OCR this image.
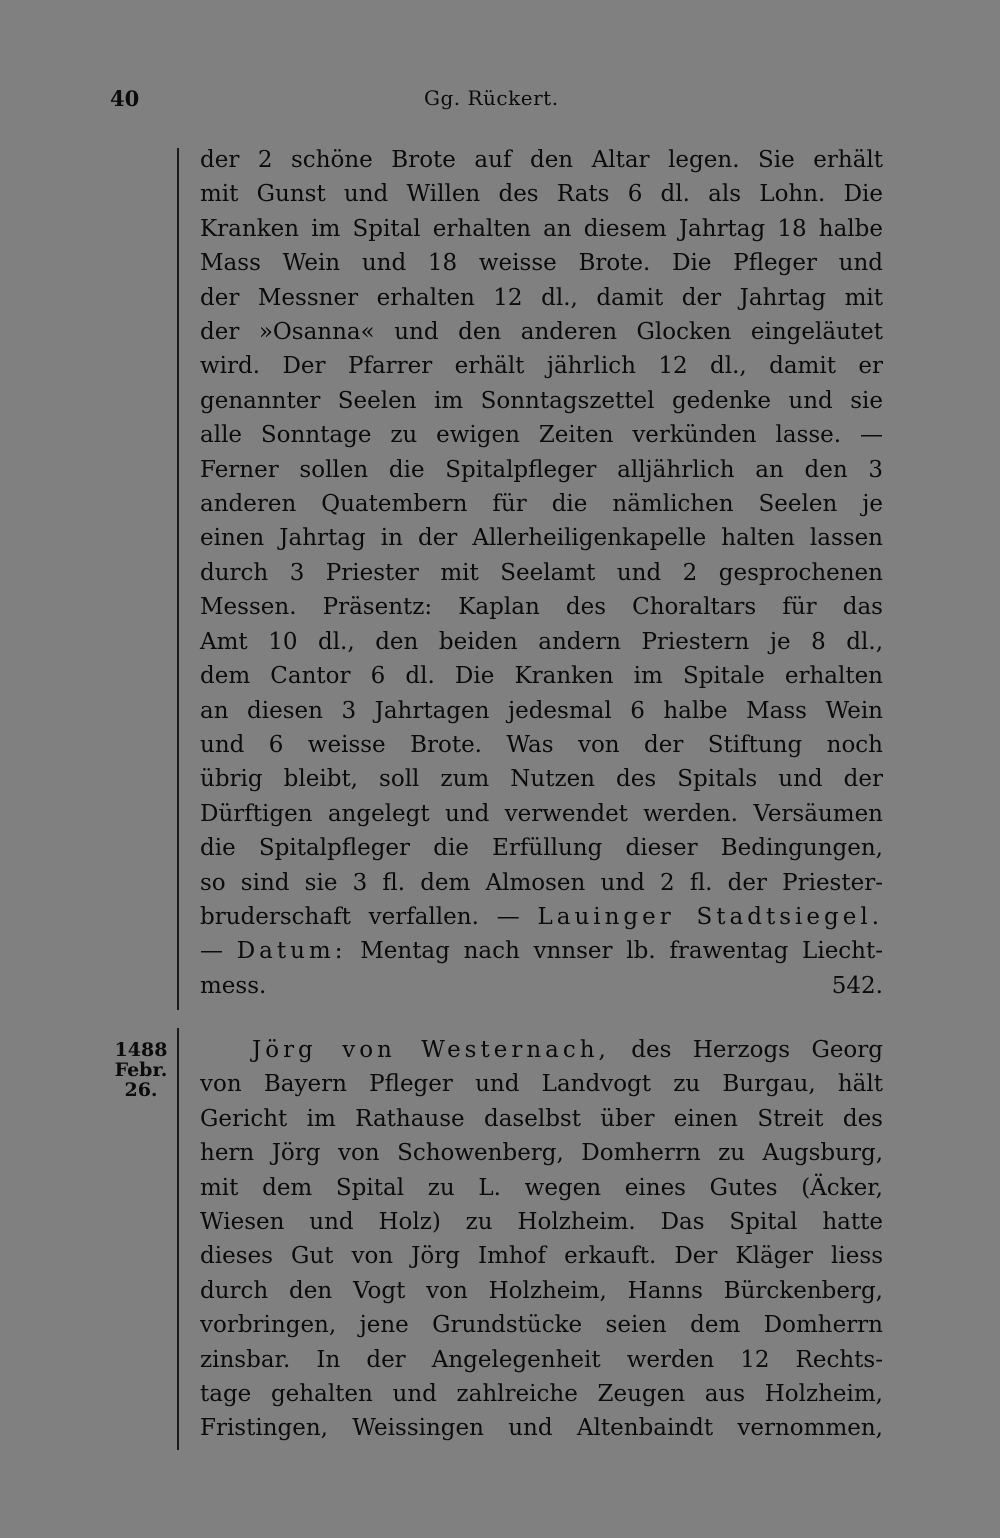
40	Gg. Rückert.
1488
Febr.
26.
der 2 schöne Brote auf den Altar legen. Sie erhält
mit Gunst und Willen des Rats 6 dl. als Lohn. Die
Kranken im Spital erhalten an diesem Jahrtag 18 halbe
Mass Wein und 18 weisse Brote. Die Pfleger und
der Messner erhalten 12 dl., damit der Jahrtag mit
der »Osanna« und den anderen Glocken eingeläutet
wird. Der Pfarrer erhält jährlich 12 dl., damit er
genannter Seelen im Sonntagszettel gedenke und sie
alle Sonntage zu ewigen Zeiten verkünden lasse. —
Ferner sollen die Spitalpfleger alljährlich an den 3
anderen Quatembern für die nämlichen Seelen je
einen Jahrtag in der Allerheiligenkapelle halten lassen
durch 3 Priester mit Seelamt und 2 gesprochenen
Messen. Präsentz: Kaplan des Choraltars für das
Amt 10 dl., den beiden andern Priestern je 8 dl.,
dem Cantor 6 dl. Die Kranken im Spitale erhalten
an diesen 3 Jahrtagen jedesmal 6 halbe Mass Wein
und 6 weisse Brote. Was von der Stiftung noch
übrig bleibt, soll zum Nutzen des Spitals und der
Dürftigen angelegt und verwendet werden. Versäumen
die Spitalpfleger die Erfüllung dieser Bedingungen,
so sind sie 3 fl. dem Almosen und 2 fl. der Priester-
bruderschaft verfallen. — Lauinger Stadtsiegel.
— Datum: Mentag nach vnnser lb. frawentag Liecht-
mess.	542.
Jörg von Westernach, des Herzogs Georg
von Bayern Pfleger und Landvogt zu Burgau, hält
Gericht im Rathause daselbst über einen Streit des
hern Jörg von Schowenberg, Domherrn zu Augsburg,
mit dem Spital zu L. wegen eines Gutes (Äcker,
Wiesen und Holz) zu Holzheim. Das Spital hatte
dieses Gut von Jörg Imhof erkauft. Der Kläger liess
durch den Vogt von Holzheim, Hanns Bürckenberg,
vorbringen, jene Grundstücke seien dem Domherrn
zinsbar. In der Angelegenheit werden 12 Rechts-
tage gehalten und zahlreiche Zeugen aus Holzheim,
Fristingen, Weissingen und Altenbaindt vernommen,
